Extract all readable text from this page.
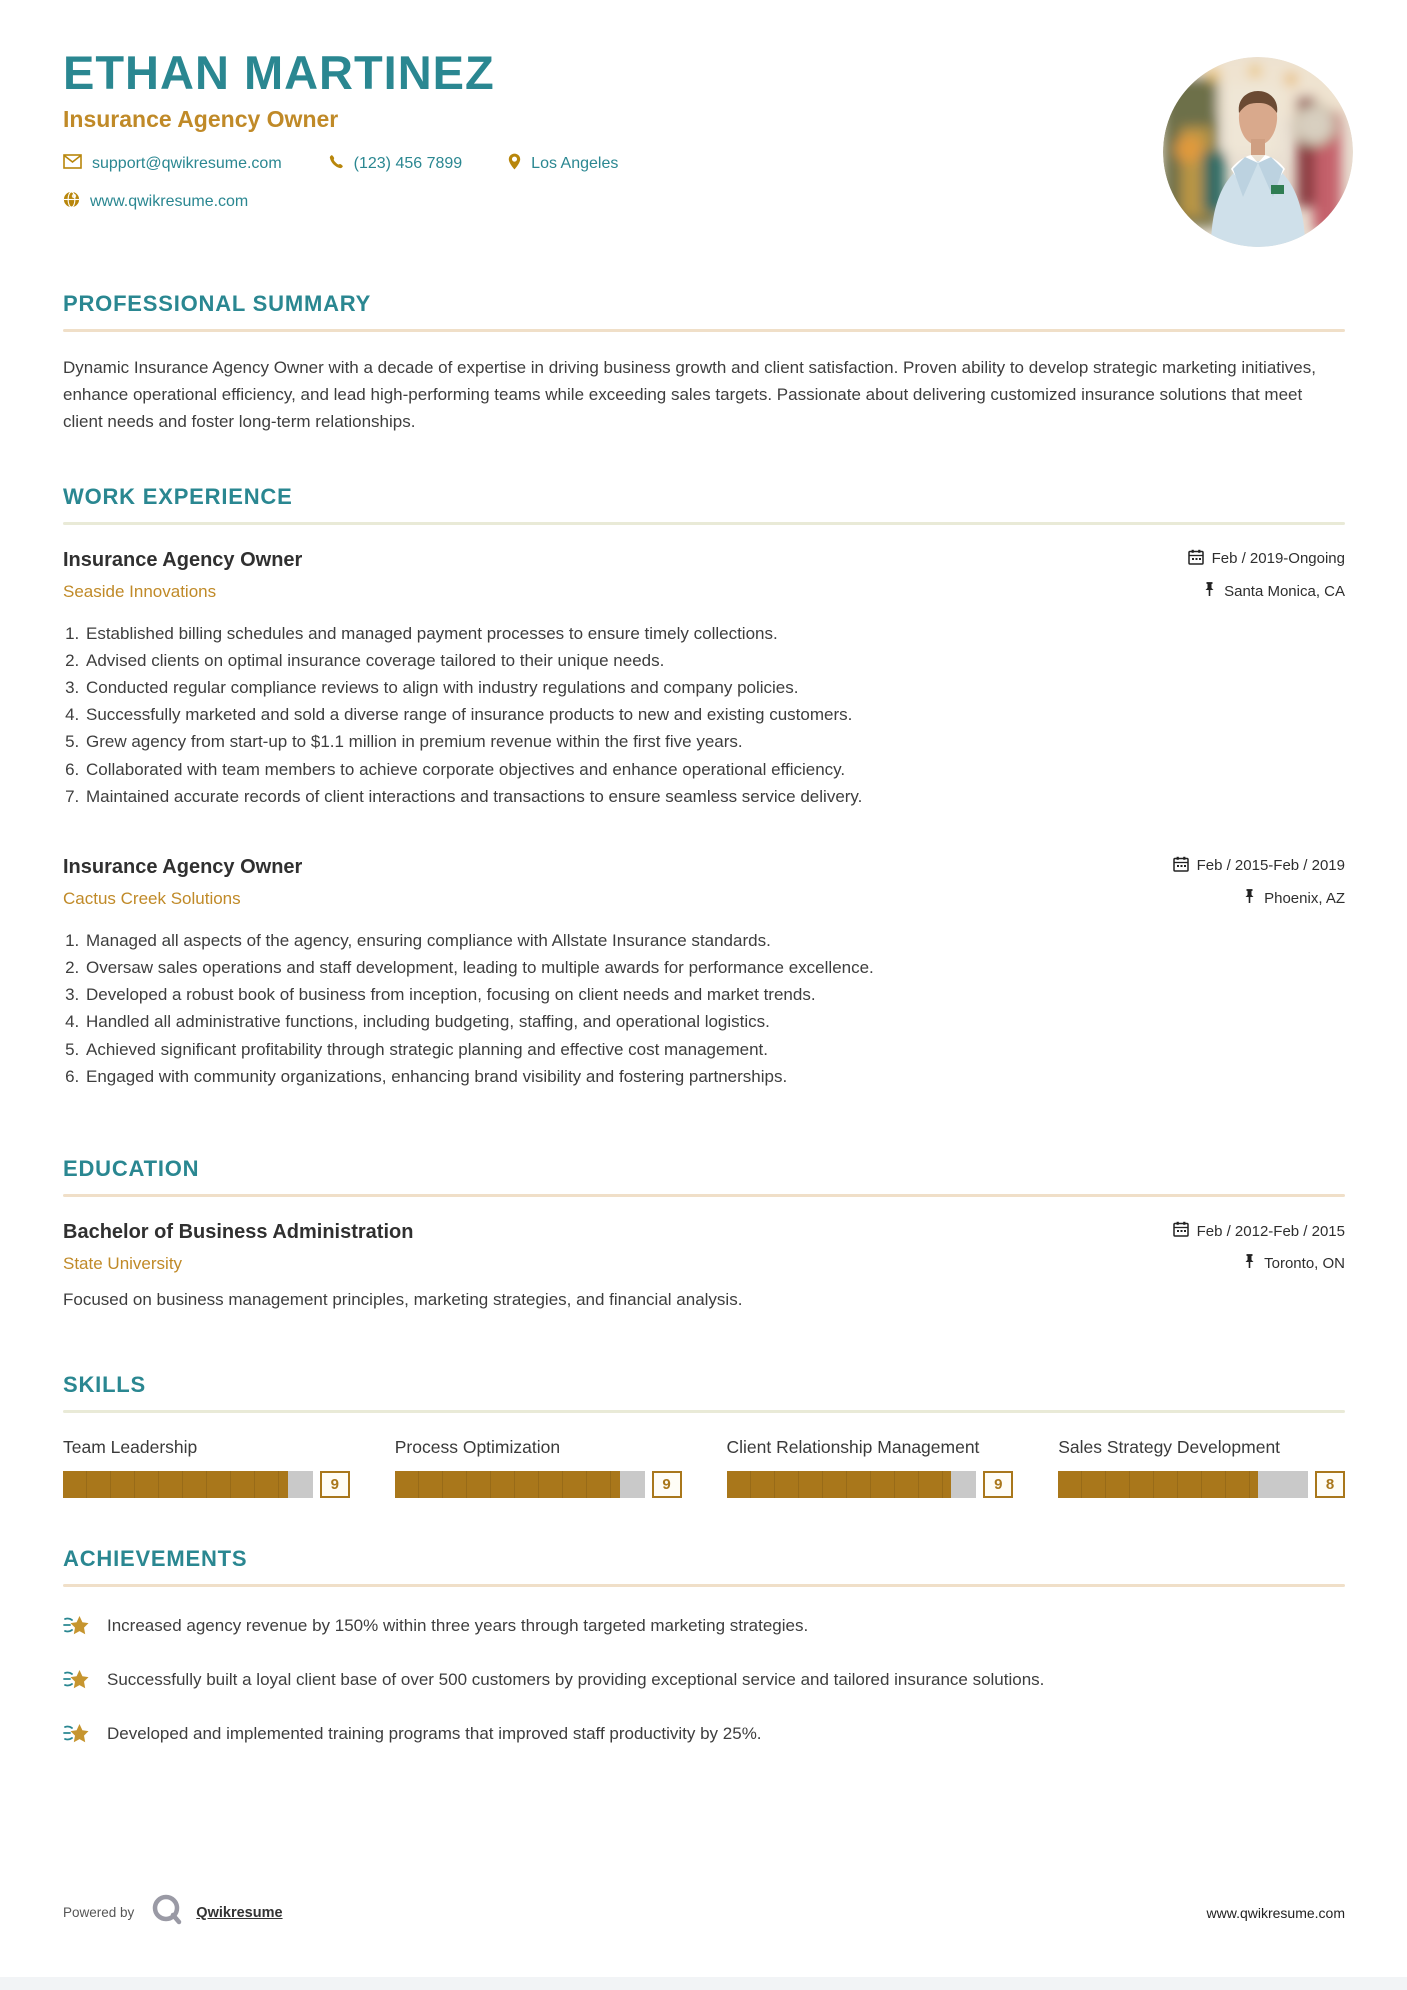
ETHAN MARTINEZ
Insurance Agency Owner
support@qwikresume.com	(123) 456 7899	Los Angeles
www.qwikresume.com
PROFESSIONAL SUMMARY

Dynamic Insurance Agency Owner with a decade of expertise in driving business growth and client satisfaction. Proven ability to develop strategic marketing initiatives, enhance operational efficiency, and lead high-performing teams while exceeding sales targets. Passionate about delivering customized insurance solutions that meet client needs and foster long-term relationships.

WORK EXPERIENCE
Insurance Agency Owner	Feb / 2019-Ongoing
Seaside Innovations	Santa Monica, CA
1. Established billing schedules and managed payment processes to ensure timely collections.
2. Advised clients on optimal insurance coverage tailored to their unique needs.
3. Conducted regular compliance reviews to align with industry regulations and company policies.
4. Successfully marketed and sold a diverse range of insurance products to new and existing customers.
5. Grew agency from start-up to $1.1 million in premium revenue within the first five years.
6. Collaborated with team members to achieve corporate objectives and enhance operational efficiency.
7. Maintained accurate records of client interactions and transactions to ensure seamless service delivery.
Insurance Agency Owner	Feb / 2015-Feb / 2019
Cactus Creek Solutions	Phoenix, AZ
1. Managed all aspects of the agency, ensuring compliance with Allstate Insurance standards.
2. Oversaw sales operations and staff development, leading to multiple awards for performance excellence.
3. Developed a robust book of business from inception, focusing on client needs and market trends.
4. Handled all administrative functions, including budgeting, staffing, and operational logistics.
5. Achieved significant profitability through strategic planning and effective cost management.
6. Engaged with community organizations, enhancing brand visibility and fostering partnerships.
EDUCATION
Bachelor of Business Administration	Feb / 2012-Feb / 2015
State University	Toronto, ON

Focused on business management principles, marketing strategies, and financial analysis.

SKILLS
Team Leadership
9
Process Optimization
9
Client Relationship Management
9
Sales Strategy Development
8
ACHIEVEMENTS
Increased agency revenue by 150% within three years through targeted marketing strategies.
Successfully built a loyal client base of over 500 customers by providing exceptional service and tailored insurance solutions.
Developed and implemented training programs that improved staff productivity by 25%.
Powered by	Qwikresume	www.qwikresume.com
